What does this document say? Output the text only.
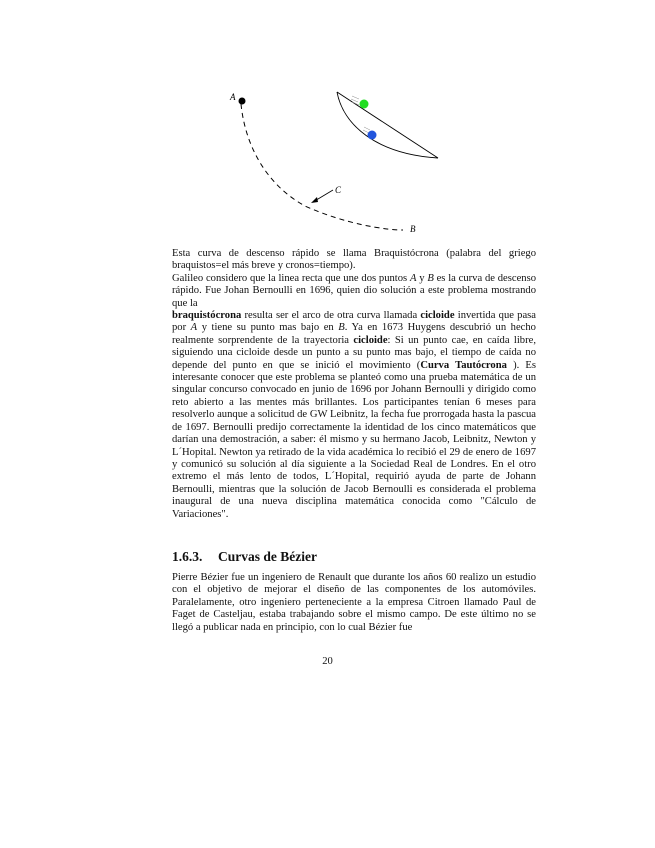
A
B
C

Esta curva de descenso rápido se llama Braquistócrona (palabra del griego braquistos=el más breve y cronos=tiempo).

Galileo considero que la linea recta que une dos puntos A y B es la curva de descenso rápido. Fue Johan Bernoulli en 1696, quien dio solución a este problema mostrando que la

braquistócrona resulta ser el arco de otra curva llamada cicloide invertida que pasa por A y tiene su punto mas bajo en B. Ya en 1673 Huygens descubrió un hecho realmente sorprendente de la trayectoria cicloide: Si un punto cae, en caída libre, siguiendo una cicloide desde un punto a su punto mas bajo, el tiempo de caída no depende del punto en que se inició el movimiento (Curva Tautócrona ). Es interesante conocer que este problema se planteó como una prueba matemática de un singular concurso convocado en junio de 1696 por Johann Bernoulli y dirigido como reto abierto a las mentes más brillantes. Los participantes tenían 6 meses para resolverlo aunque a solicitud de GW Leibnitz, la fecha fue prorrogada hasta la pascua de 1697. Bernoulli predijo correctamente la identidad de los cinco matemáticos que darían una demostración, a saber: él mismo y su hermano Jacob, Leibnitz, Newton y L´Hopital. Newton ya retirado de la vida académica lo recibió el 29 de enero de 1697 y comunicó su solución al día siguiente a la Sociedad Real de Londres. En el otro extremo el más lento de todos, L´Hopital, requirió ayuda de parte de Johann Bernoulli, mientras que la solución de Jacob Bernoulli es considerada el problema inaugural de una nueva disciplina matemática conocida como "Cálculo de Variaciones".

1.6.3. Curvas de Bézier

Pierre Bézier fue un ingeniero de Renault que durante los años 60 realizo un estudio con el objetivo de mejorar el diseño de las componentes de los automóviles. Paralelamente, otro ingeniero perteneciente a la empresa Citroen llamado Paul de Faget de Casteljau, estaba trabajando sobre el mismo campo. De este último no se llegó a publicar nada en principio, con lo cual Bézier fue

20
